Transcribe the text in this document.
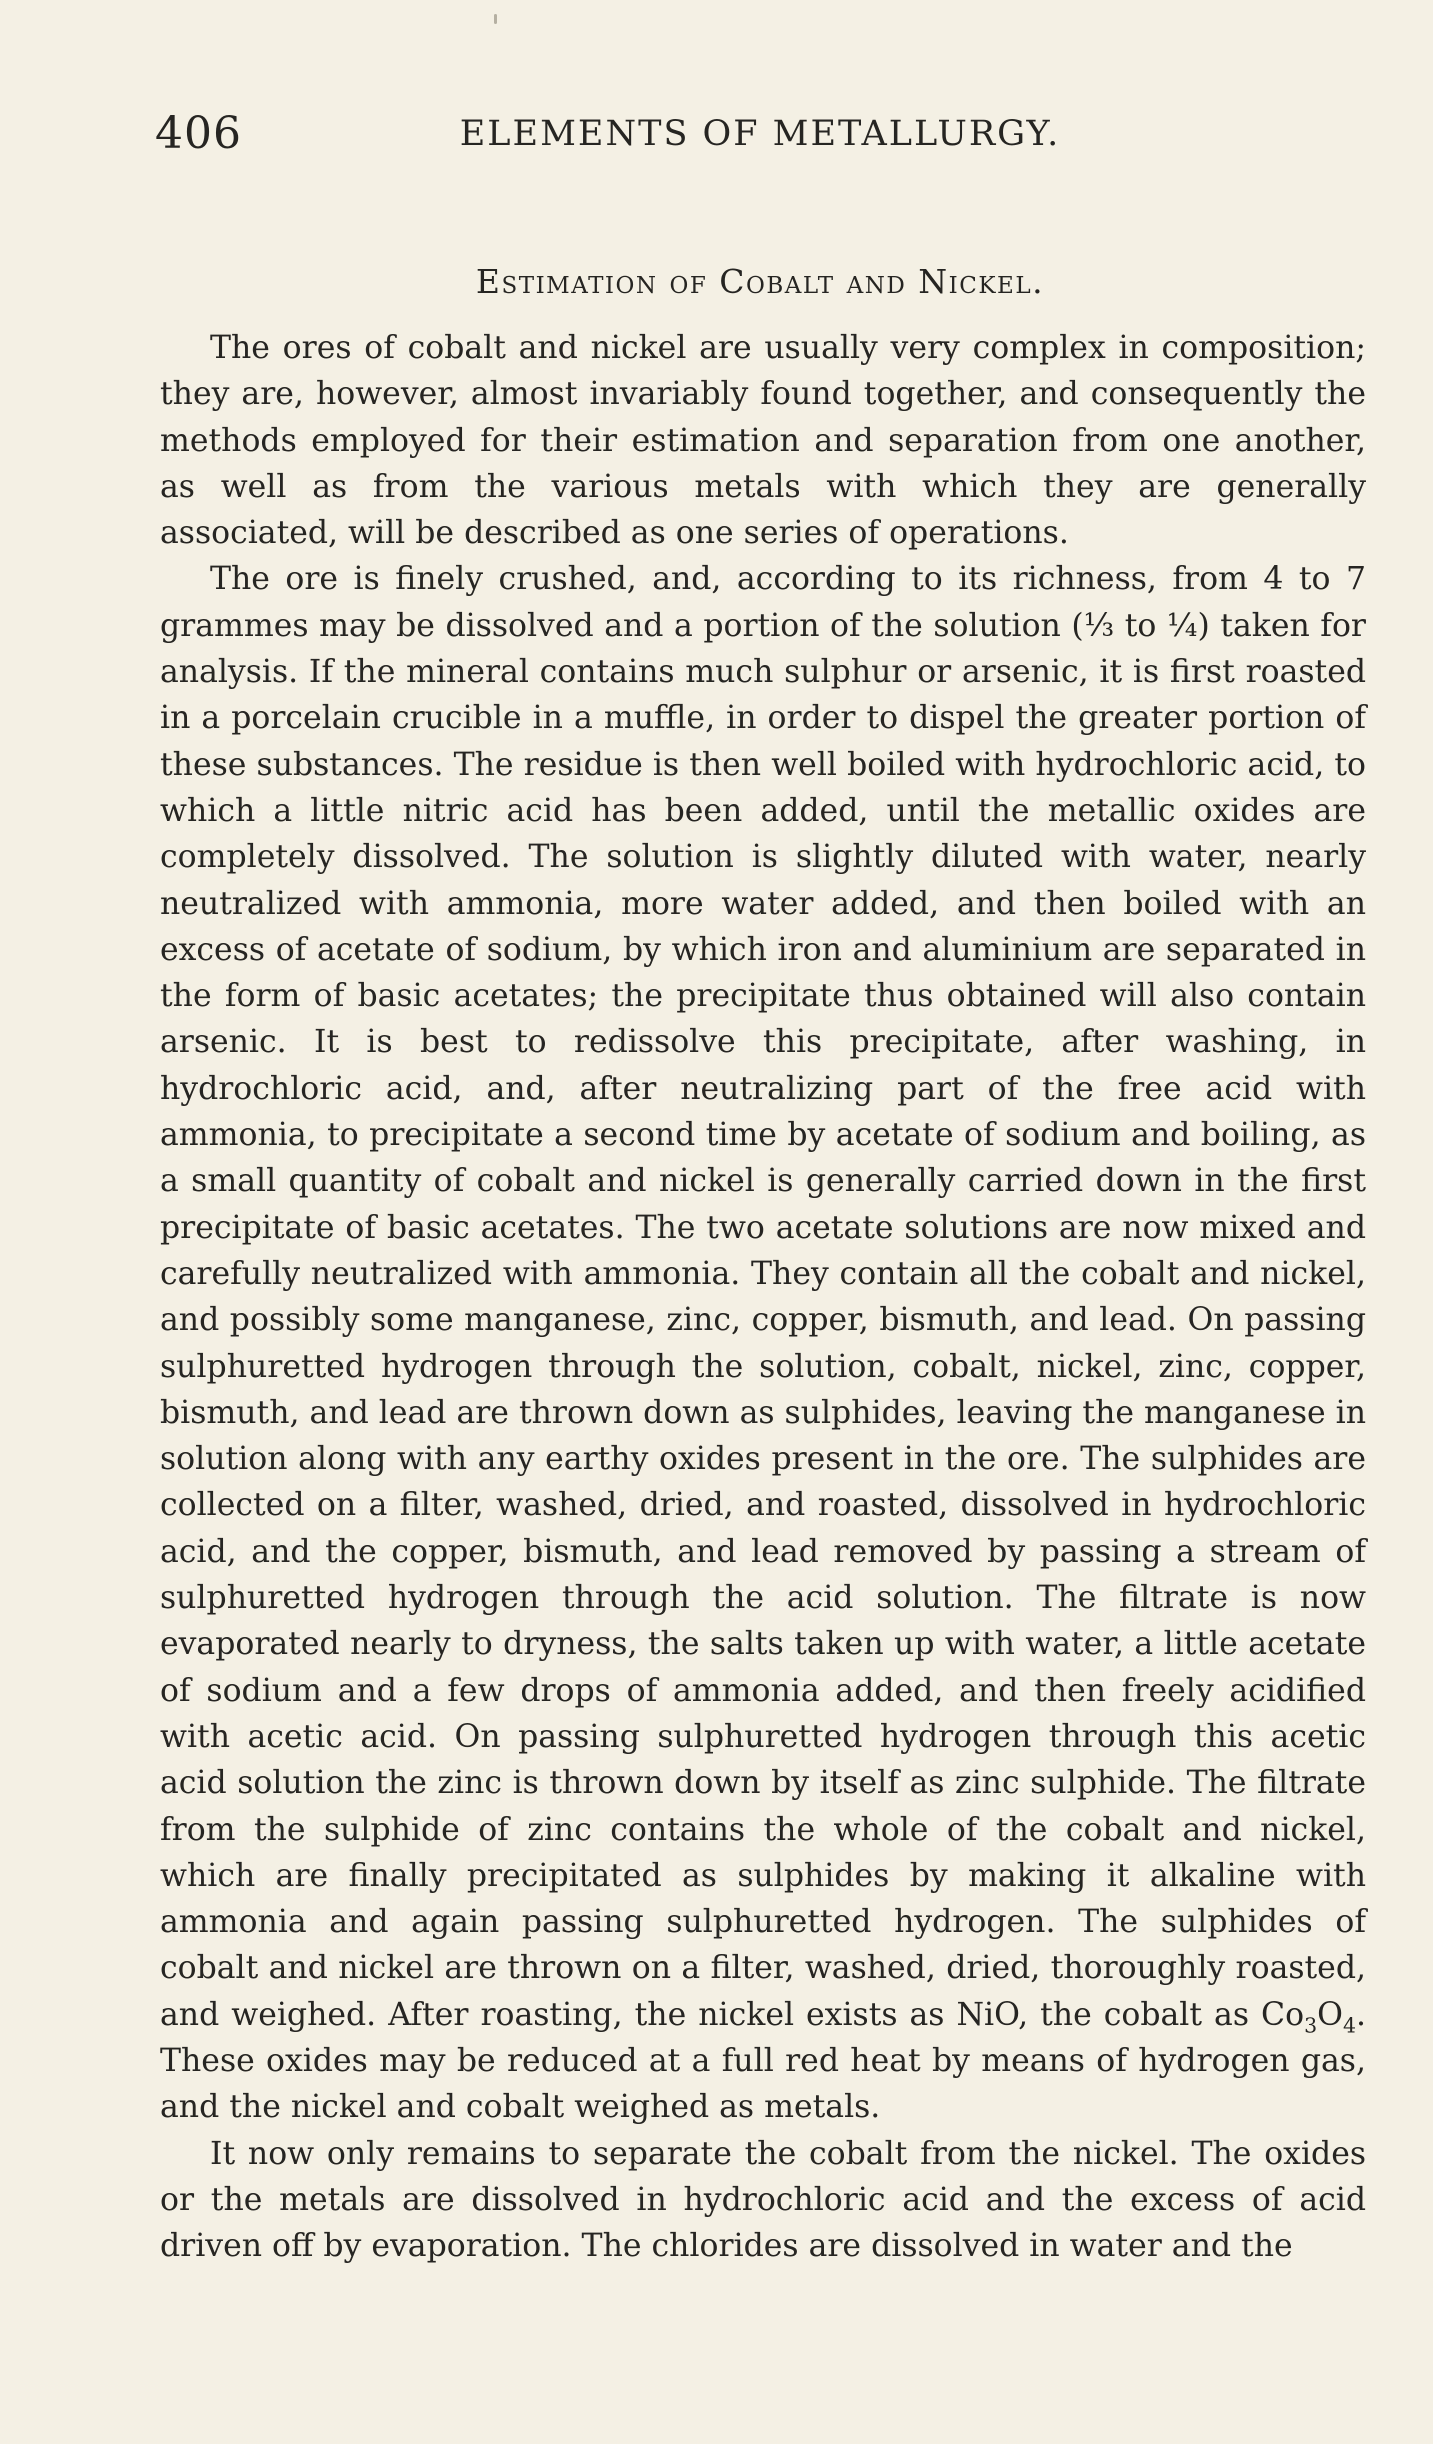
406	ELEMENTS OF METALLURGY.
Estimation of Cobalt and Nickel.

The ores of cobalt and nickel are usually very complex in composition; they are, however, almost invariably found together, and consequently the methods employed for their estimation and separation from one another, as well as from the various metals with which they are generally associated, will be described as one series of operations.

The ore is finely crushed, and, according to its richness, from 4 to 7 grammes may be dissolved and a portion of the solution (⅓ to ¼) taken for analysis. If the mineral contains much sulphur or arsenic, it is first roasted in a porcelain crucible in a muffle, in order to dispel the greater portion of these substances. The residue is then well boiled with hydrochloric acid, to which a little nitric acid has been added, until the metallic oxides are completely dissolved. The solution is slightly diluted with water, nearly neutralized with ammonia, more water added, and then boiled with an excess of acetate of sodium, by which iron and aluminium are separated in the form of basic acetates; the precipitate thus obtained will also contain arsenic. It is best to redissolve this precipitate, after washing, in hydrochloric acid, and, after neutralizing part of the free acid with ammonia, to precipitate a second time by acetate of sodium and boiling, as a small quantity of cobalt and nickel is generally carried down in the first precipitate of basic acetates. The two acetate solutions are now mixed and carefully neutralized with ammonia. They contain all the cobalt and nickel, and possibly some manganese, zinc, copper, bismuth, and lead. On passing sulphuretted hydrogen through the solution, cobalt, nickel, zinc, copper, bismuth, and lead are thrown down as sulphides, leaving the manganese in solution along with any earthy oxides present in the ore. The sulphides are collected on a filter, washed, dried, and roasted, dissolved in hydrochloric acid, and the copper, bismuth, and lead removed by passing a stream of sulphuretted hydrogen through the acid solution. The filtrate is now evaporated nearly to dryness, the salts taken up with water, a little acetate of sodium and a few drops of ammonia added, and then freely acidified with acetic acid. On passing sulphuretted hydrogen through this acetic acid solution the zinc is thrown down by itself as zinc sulphide. The filtrate from the sulphide of zinc contains the whole of the cobalt and nickel, which are finally precipitated as sulphides by making it alkaline with ammonia and again passing sulphuretted hydrogen. The sulphides of cobalt and nickel are thrown on a filter, washed, dried, thoroughly roasted, and weighed. After roasting, the nickel exists as NiO, the cobalt as $Co_3O_4$. These oxides may be reduced at a full red heat by means of hydrogen gas, and the nickel and cobalt weighed as metals.

It now only remains to separate the cobalt from the nickel. The oxides or the metals are dissolved in hydrochloric acid and the excess of acid driven off by evaporation. The chlorides are dissolved in water and the
